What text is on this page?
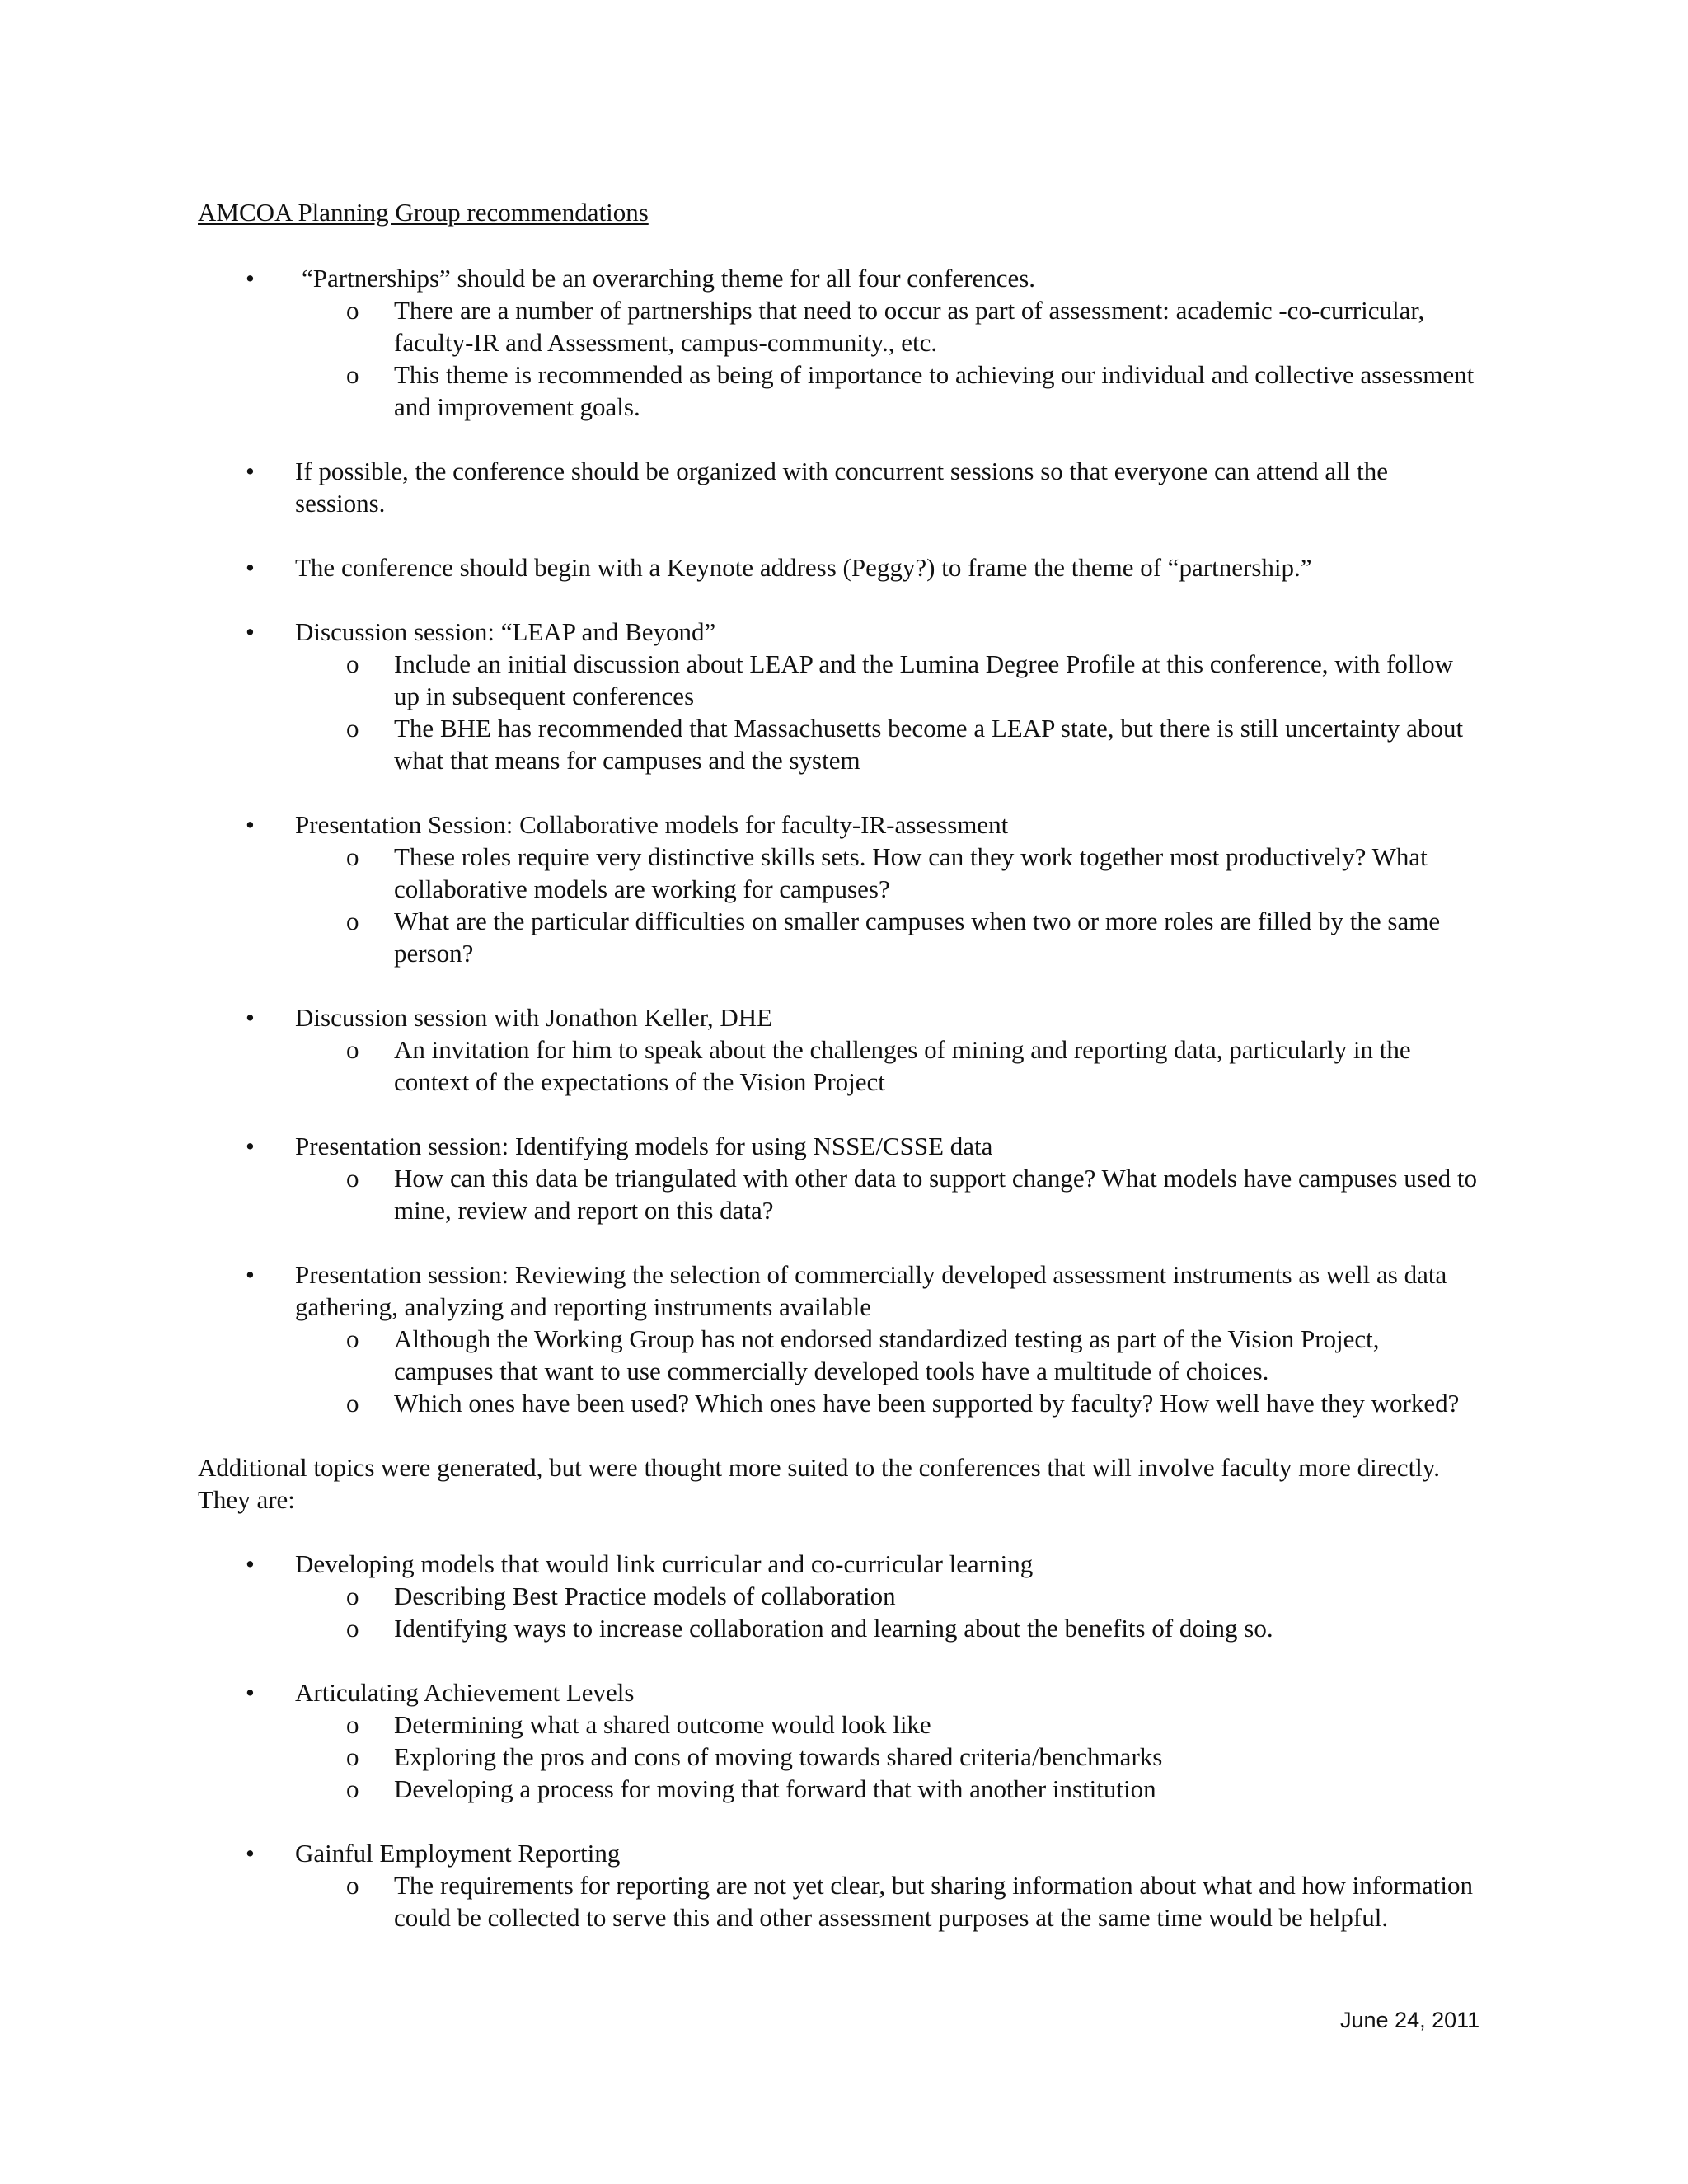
AMCOA Planning Group recommendations
• “Partnerships” should be an overarching theme for all four conferences.
o There are a number of partnerships that need to occur as part of assessment: academic -co-curricular, faculty-IR and Assessment, campus-community., etc.
o This theme is recommended as being of importance to achieving our individual and collective assessment and improvement goals.
• If possible, the conference should be organized with concurrent sessions so that everyone can attend all the sessions.
• The conference should begin with a Keynote address (Peggy?) to frame the theme of “partnership.”
• Discussion session: “LEAP and Beyond”
o Include an initial discussion about LEAP and the Lumina Degree Profile at this conference, with follow up in subsequent conferences
o The BHE has recommended that Massachusetts become a LEAP state, but there is still uncertainty about what that means for campuses and the system
• Presentation Session: Collaborative models for faculty-IR-assessment
o These roles require very distinctive skills sets. How can they work together most productively? What collaborative models are working for campuses?
o What are the particular difficulties on smaller campuses when two or more roles are filled by the same person?
• Discussion session with Jonathon Keller, DHE
o An invitation for him to speak about the challenges of mining and reporting data, particularly in the context of the expectations of the Vision Project
• Presentation session: Identifying models for using NSSE/CSSE data
o How can this data be triangulated with other data to support change? What models have campuses used to mine, review and report on this data?
• Presentation session: Reviewing the selection of commercially developed assessment instruments as well as data gathering, analyzing and reporting instruments available
o Although the Working Group has not endorsed standardized testing as part of the Vision Project, campuses that want to use commercially developed tools have a multitude of choices.
o Which ones have been used? Which ones have been supported by faculty? How well have they worked?
Additional topics were generated, but were thought more suited to the conferences that will involve faculty more directly. They are:
• Developing models that would link curricular and co-curricular learning
o Describing Best Practice models of collaboration
o Identifying ways to increase collaboration and learning about the benefits of doing so.
• Articulating Achievement Levels
o Determining what a shared outcome would look like
o Exploring the pros and cons of moving towards shared criteria/benchmarks
o Developing a process for moving that forward that with another institution
• Gainful Employment Reporting
o The requirements for reporting are not yet clear, but sharing information about what and how information could be collected to serve this and other assessment purposes at the same time would be helpful.
June 24, 2011
